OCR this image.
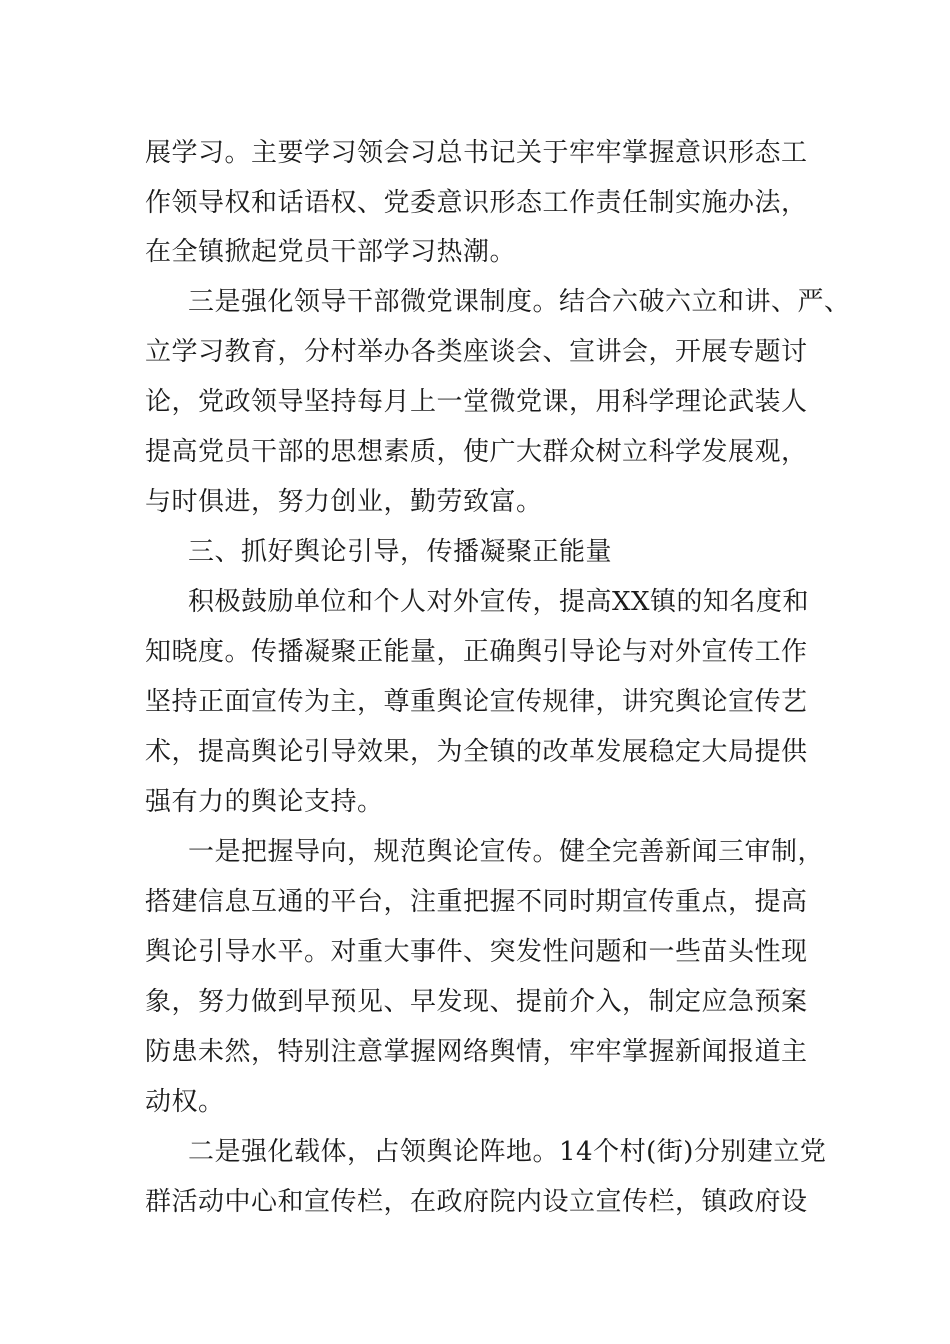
展学习。主要学习领会习总书记关于牢牢掌握意识形态工
作领导权和话语权、党委意识形态工作责任制实施办法，
在全镇掀起党员干部学习热潮。
三是强化领导干部微党课制度。结合六破六立和讲、严、
立学习教育，分村举办各类座谈会、宣讲会，开展专题讨
论，党政领导坚持每月上一堂微党课，用科学理论武装人
提高党员干部的思想素质，使广大群众树立科学发展观，
与时俱进，努力创业，勤劳致富。
三、抓好舆论引导，传播凝聚正能量
积极鼓励单位和个人对外宣传，提高XX镇的知名度和
知晓度。传播凝聚正能量，正确舆引导论与对外宣传工作
坚持正面宣传为主，尊重舆论宣传规律，讲究舆论宣传艺
术，提高舆论引导效果，为全镇的改革发展稳定大局提供
强有力的舆论支持。
一是把握导向，规范舆论宣传。健全完善新闻三审制，
搭建信息互通的平台，注重把握不同时期宣传重点，提高
舆论引导水平。对重大事件、突发性问题和一些苗头性现
象，努力做到早预见、早发现、提前介入，制定应急预案
防患未然，特别注意掌握网络舆情，牢牢掌握新闻报道主
动权。
二是强化载体，占领舆论阵地。14个村(街)分别建立党
群活动中心和宣传栏，在政府院内设立宣传栏，镇政府设
